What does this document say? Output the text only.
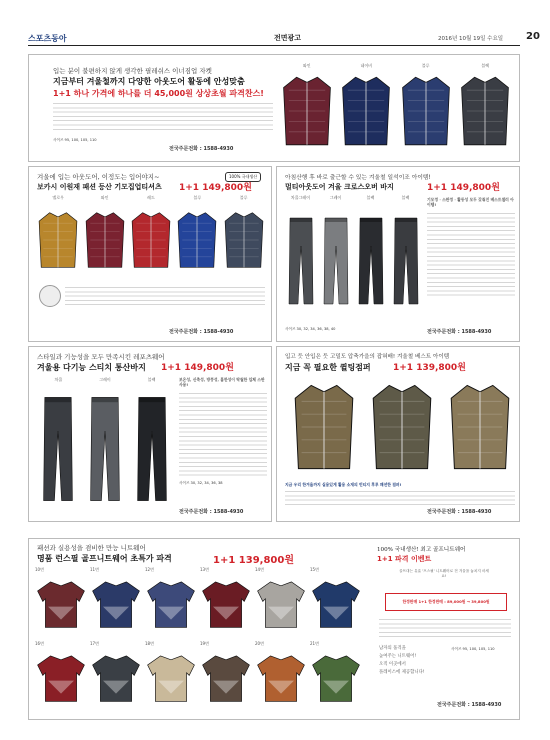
스포츠동아	전면광고	2016년 10월 19일 수요일 20
입는 분이 불편하지 않게 생각한 필레쉬스 이너짐업 자켓
지금부터 겨울철까지 다양한 아웃도어 활동에 안성맞춤
1+1 하나 가격에 하나를 더 45,000원 상상초월 파격찬스!
사이즈 95, 100, 105, 110
전국주문전화 : 1588-4930
와인	네이비	블루	블랙
겨울에 입는 아웃도어, 이정도는 입어야지~	100% 국내생산
보카시 이원재 패션 등산 기모집업티셔츠 1+1 149,800원
옐로우	와인	레드	블루	블루
전국주문전화 : 1588-4930
아침산행 후 바로 출근할 수 있는 겨울철 일석이조 아이템!
멀티아웃도어 겨울 크로스오버 바지	1+1 149,800원
차콜그레이	그레이	블랙	블랙	기모정 · 스판정 · 활동성 모두 갖춰진 베스트셀러 아이템!
사이즈 30, 32, 34, 36, 38, 40	전국주문전화 : 1588-4930
스타일과 기능성을 모두 만족시킨 레포츠웨어
겨울용 다기능 스티치 통산바지 1+1 149,800원
차콜	그레이	블랙	보온성, 신축성, 방풍성, 흡한성이 탁월한 입체 스판 사용!
사이즈 30, 32, 34, 36, 38
전국주문전화 : 1588-4930
입고 듯 안입은 듯 고밀도 압축가을의 잡혀배! 겨울철 베스트 아이템
지금 꼭 필요한 퀼팅점퍼 1+1 139,800원
지금 우리 한겨울까지 실용있게 활용 소재의 빈티지 후루 패션한 점퍼!
전국주문전화 : 1588-4930
패션과 실용성을 겸비한 만능 니트웨어
명품 런스필 골프니트웨어 초특가 파격	1+1 139,800원
10번	11번	12번	13번	14번	15번
16번	17번	18번	19번	20번	21번
100% 국내생산! 최고 골프니트웨어
1+1 파격 이벤트
골프대는 유효 '프스필' 니트웨어로 전 겨울을 놓치지 마세요!
한정판매 1+1 한정판매 : 89,000원 → 39,800원
남자의 품격을
높여주는 니트웨어!
오직 이곳에서
플레이스에 제공합니다!
사이즈 95, 100, 105, 110
전국주문전화 : 1588-4930
